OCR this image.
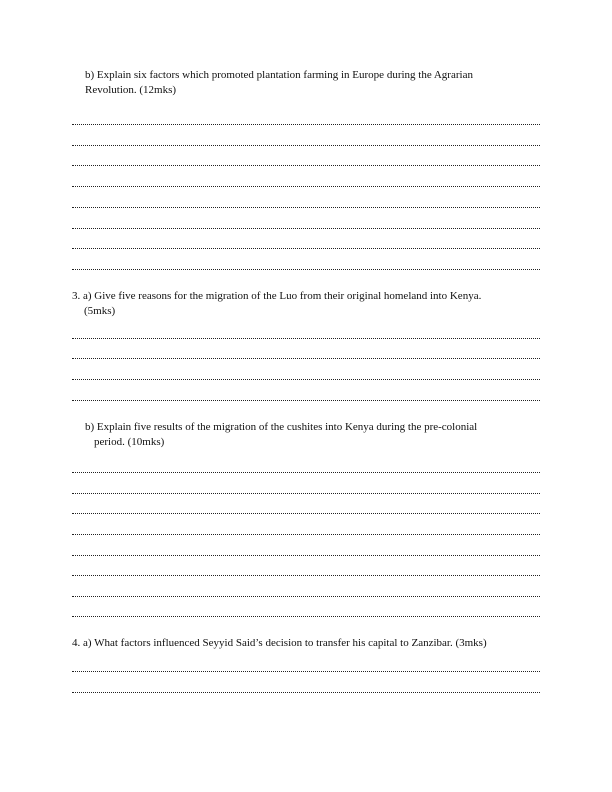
b) Explain six factors which promoted plantation farming in Europe during the Agrarian
Revolution. (12mks)
3. a) Give five reasons for the migration of the Luo from their original homeland into Kenya.
(5mks)
b) Explain five results of the migration of the cushites into Kenya during the pre-colonial
period. (10mks)
4. a) What factors influenced Seyyid Said’s decision to transfer his capital to Zanzibar. (3mks)
